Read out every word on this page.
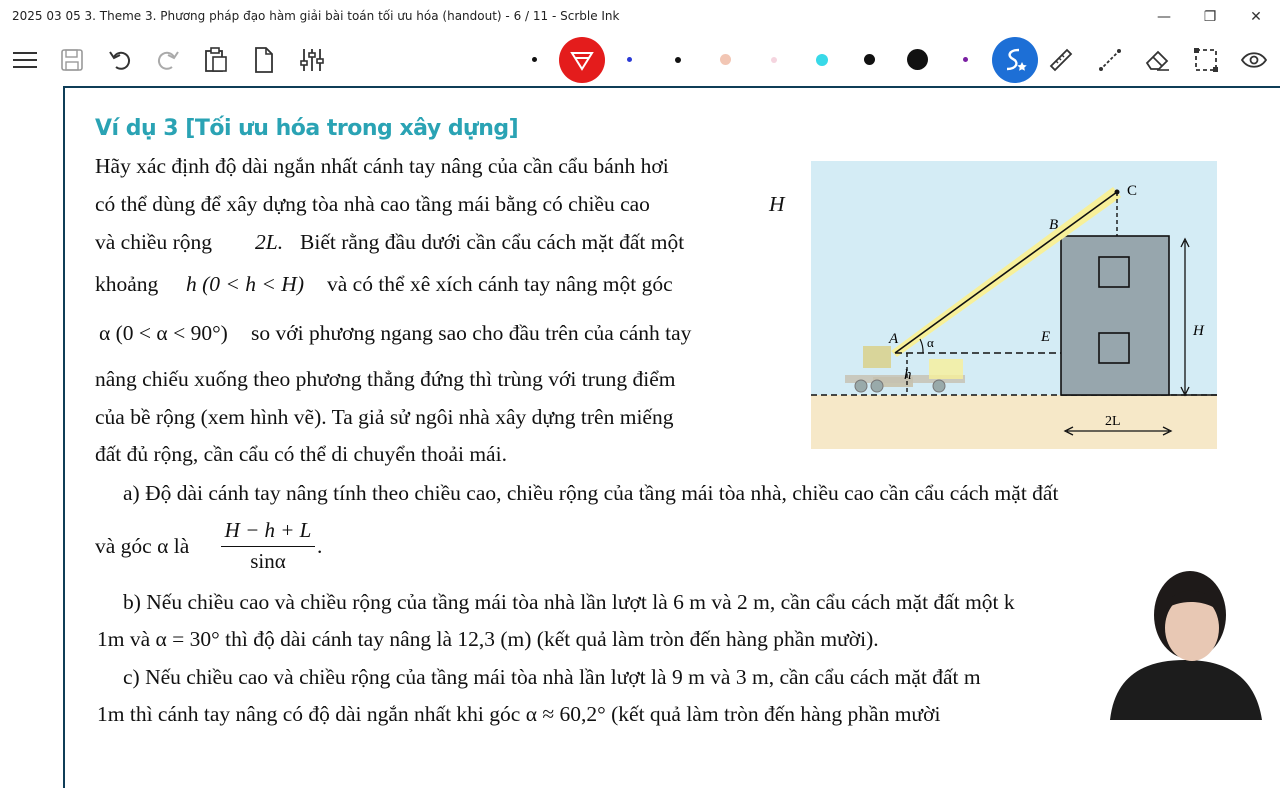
2025 03 05 3. Theme 3. Phương pháp đạo hàm giải bài toán tối ưu hóa (handout) - 6 / 11 - Scrble Ink	—	❐	✕
Ví dụ 3 [Tối ưu hóa trong xây dựng]
Hãy xác định độ dài ngắn nhất cánh tay nâng của cần cẩu bánh hơi
có thể dùng để xây dựng tòa nhà cao tầng mái bằng có chiều cao	H
và chiều rộng 2L. Biết rằng đầu dưới cần cẩu cách mặt đất một
khoảng h (0 < h < H) và có thể xê xích cánh tay nâng một góc
α (0 < α < 90°) so với phương ngang sao cho đầu trên của cánh tay
nâng chiếu xuống theo phương thẳng đứng thì trùng với trung điểm
của bề rộng (xem hình vẽ). Ta giả sử ngôi nhà xây dựng trên miếng
đất đủ rộng, cần cẩu có thể di chuyển thoải mái.
A
B
C
E	H
h
α
2L
a) Độ dài cánh tay nâng tính theo chiều cao, chiều rộng của tầng mái tòa nhà, chiều cao cần cẩu cách mặt đất
và góc α là $\frac{H - h + L}{\sin\alpha}$ .
b) Nếu chiều cao và chiều rộng của tầng mái tòa nhà lần lượt là 6 m và 2 m, cần cẩu cách mặt đất một k
1m và α = 30° thì độ dài cánh tay nâng là 12,3 (m) (kết quả làm tròn đến hàng phần mười).
c) Nếu chiều cao và chiều rộng của tầng mái tòa nhà lần lượt là 9 m và 3 m, cần cẩu cách mặt đất m
1m thì cánh tay nâng có độ dài ngắn nhất khi góc α ≈ 60,2° (kết quả làm tròn đến hàng phần mười
